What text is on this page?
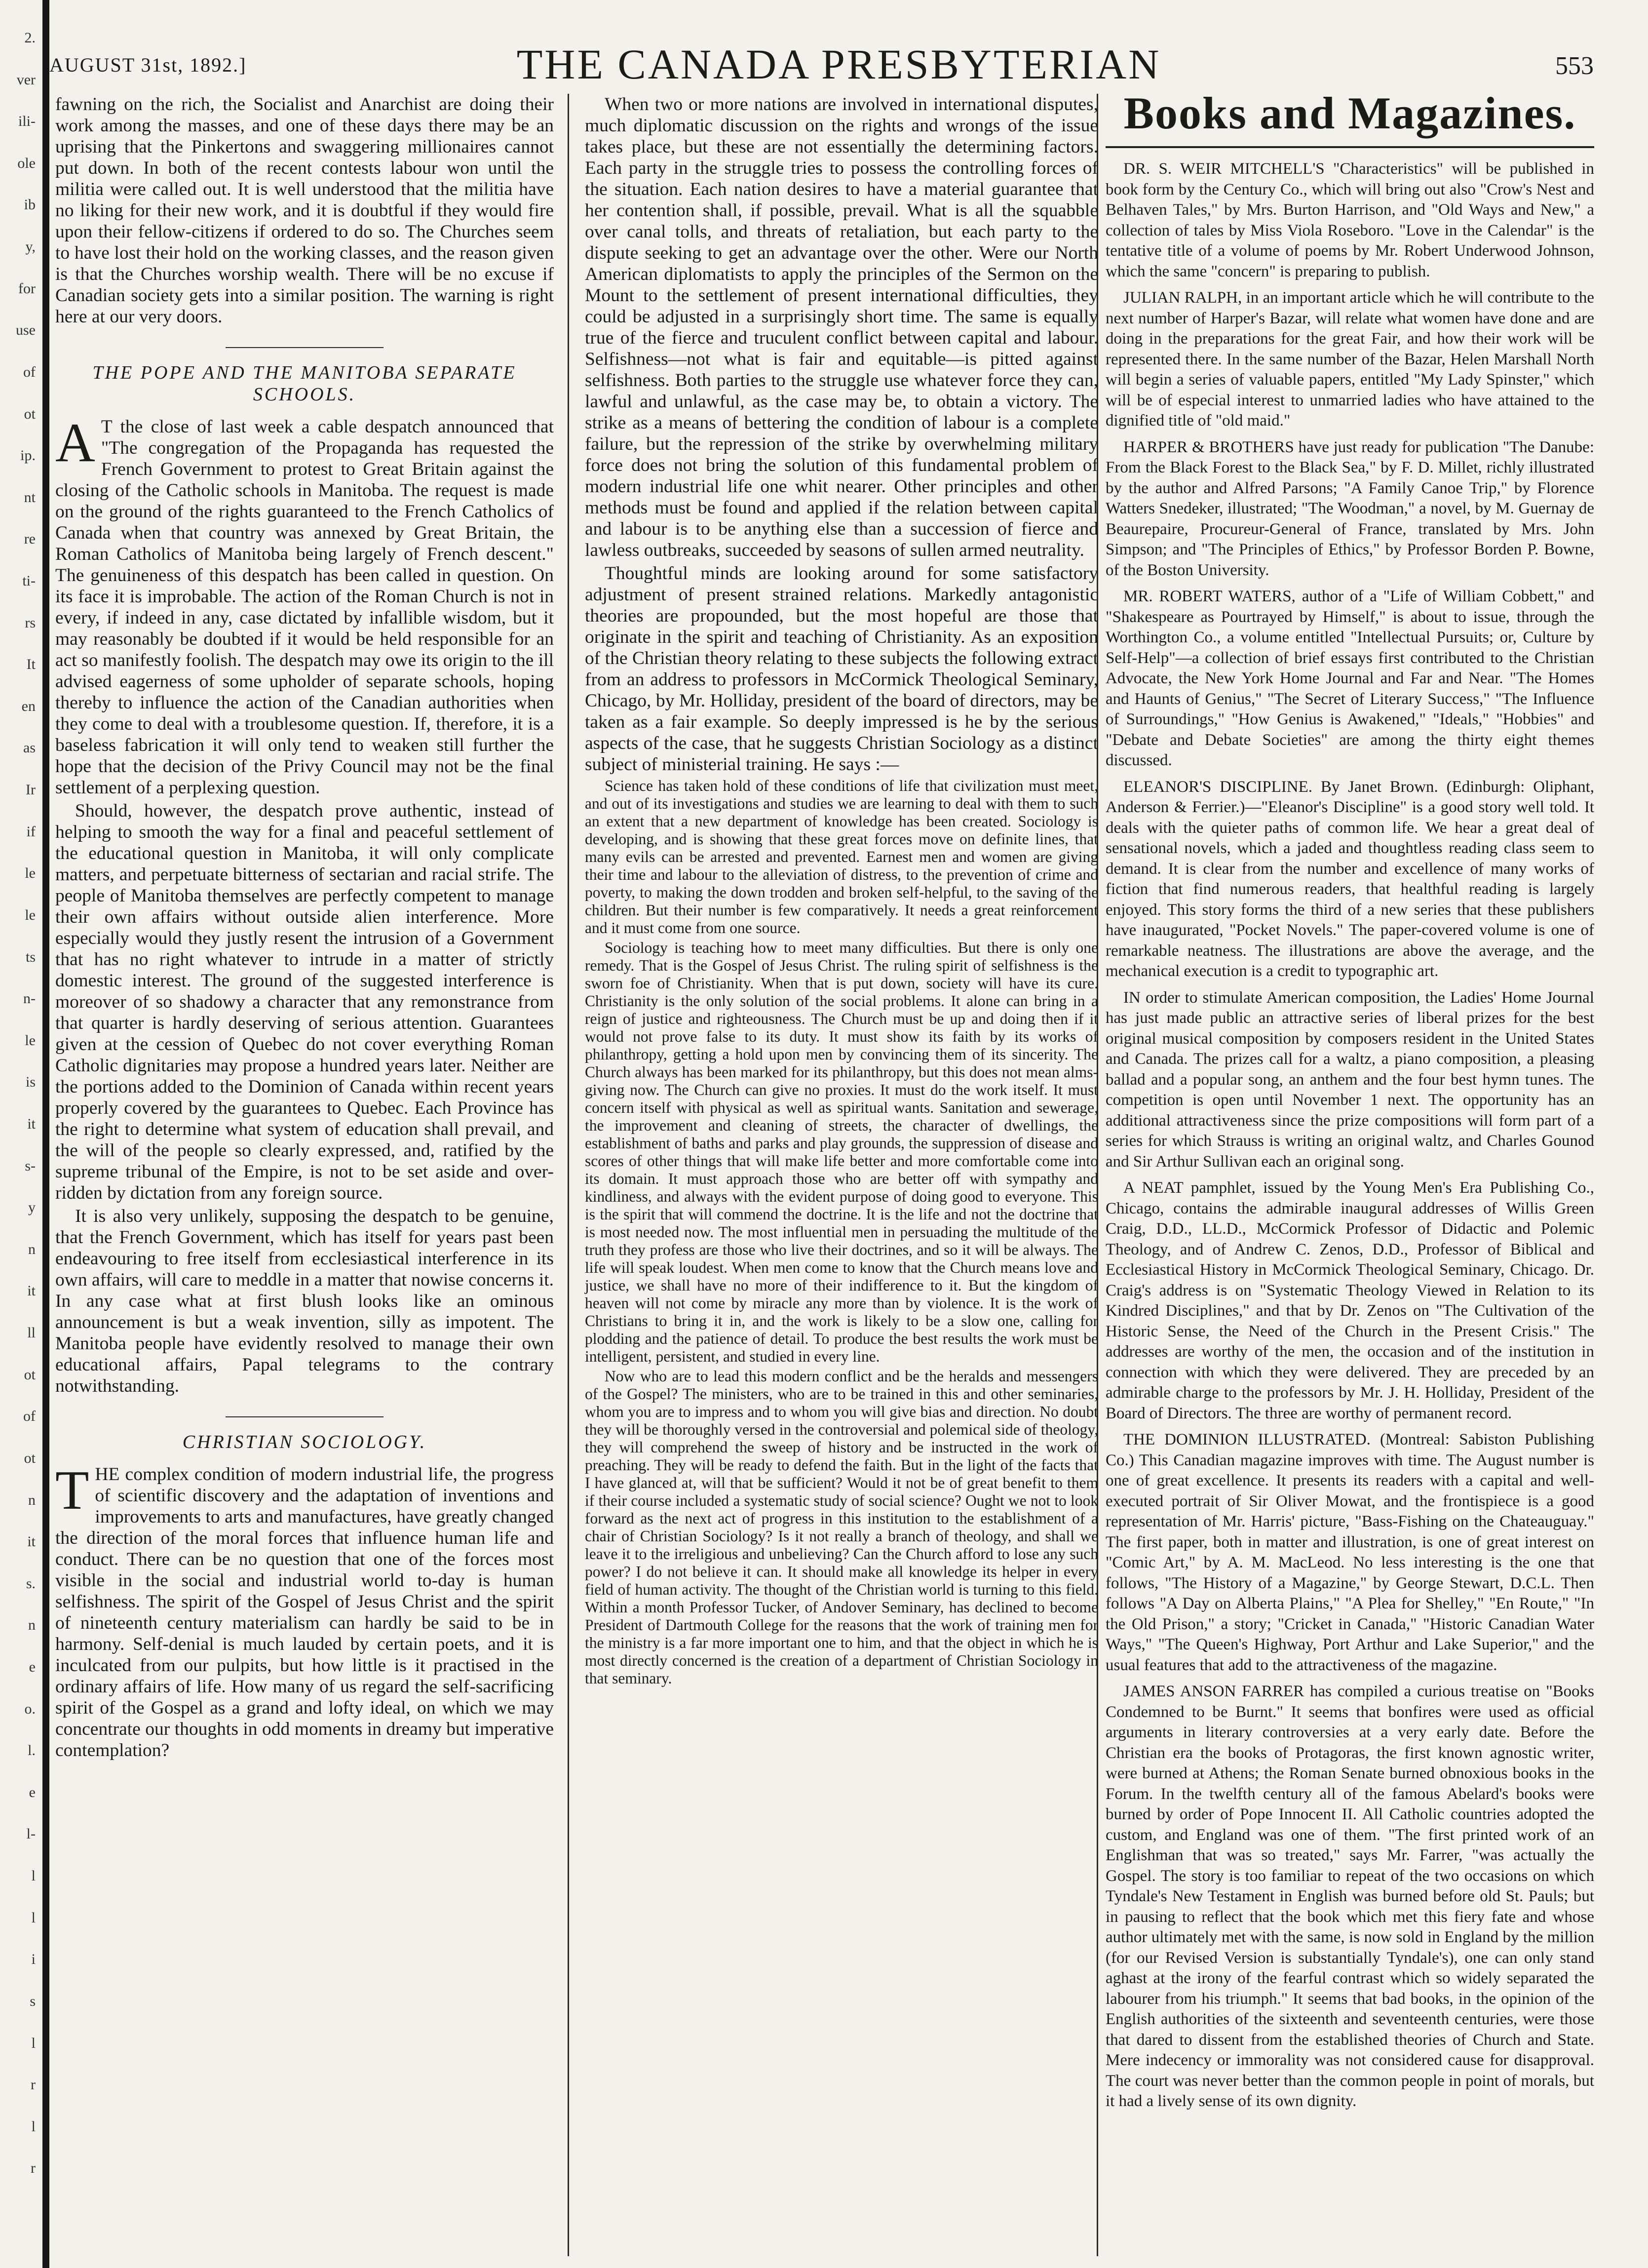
2.
ver
ili-
ole
ib
y,
for
use
of
ot
ip.
nt
re
ti-
rs
It
en
as
Ir
if
le
le
ts
n-
le
is
it
s-
y
n
it
ll
ot
of
ot
n
it
s.
n
e
o.
l.
e
l-
l
l
i
s
l
r
l
r
AUGUST 31st, 1892.]	THE CANADA PRESBYTERIAN	553

fawning on the rich, the Socialist and Anarchist are doing their work among the masses, and one of these days there may be an uprising that the Pinkertons and swaggering millionaires cannot put down. In both of the recent contests labour won until the militia were called out. It is well understood that the militia have no liking for their new work, and it is doubtful if they would fire upon their fellow-citizens if ordered to do so. The Churches seem to have lost their hold on the working classes, and the reason given is that the Churches worship wealth. There will be no excuse if Canadian society gets into a similar position. The warning is right here at our very doors.

THE POPE AND THE MANITOBA SEPARATE SCHOOLS.

A T the close of last week a cable despatch announced that "The congregation of the Propaganda has requested the French Government to protest to Great Britain against the closing of the Catholic schools in Manitoba. The request is made on the ground of the rights guaranteed to the French Catholics of Canada when that country was annexed by Great Britain, the Roman Catholics of Manitoba being largely of French descent." The genuineness of this despatch has been called in question. On its face it is improbable. The action of the Roman Church is not in every, if indeed in any, case dictated by infallible wisdom, but it may reasonably be doubted if it would be held responsible for an act so manifestly foolish. The despatch may owe its origin to the ill advised eagerness of some upholder of separate schools, hoping thereby to influence the action of the Canadian authorities when they come to deal with a troublesome question. If, therefore, it is a baseless fabrication it will only tend to weaken still further the hope that the decision of the Privy Council may not be the final settlement of a perplexing question.

Should, however, the despatch prove authentic, instead of helping to smooth the way for a final and peaceful settlement of the educational question in Manitoba, it will only complicate matters, and perpetuate bitterness of sectarian and racial strife. The people of Manitoba themselves are perfectly competent to manage their own affairs without outside alien interference. More especially would they justly resent the intrusion of a Government that has no right whatever to intrude in a matter of strictly domestic interest. The ground of the suggested interference is moreover of so shadowy a character that any remonstrance from that quarter is hardly deserving of serious attention. Guarantees given at the cession of Quebec do not cover everything Roman Catholic dignitaries may propose a hundred years later. Neither are the portions added to the Dominion of Canada within recent years properly covered by the guarantees to Quebec. Each Province has the right to determine what system of education shall prevail, and the will of the people so clearly expressed, and, ratified by the supreme tribunal of the Empire, is not to be set aside and over-ridden by dictation from any foreign source.

It is also very unlikely, supposing the despatch to be genuine, that the French Government, which has itself for years past been endeavouring to free itself from ecclesiastical interference in its own affairs, will care to meddle in a matter that nowise concerns it. In any case what at first blush looks like an ominous announcement is but a weak invention, silly as impotent. The Manitoba people have evidently resolved to manage their own educational affairs, Papal telegrams to the contrary notwithstanding.

CHRISTIAN SOCIOLOGY.

THE complex condition of modern industrial life, the progress of scientific discovery and the adaptation of inventions and improvements to arts and manufactures, have greatly changed the direction of the moral forces that influence human life and conduct. There can be no question that one of the forces most visible in the social and industrial world to-day is human selfishness. The spirit of the Gospel of Jesus Christ and the spirit of nineteenth century materialism can hardly be said to be in harmony. Self-denial is much lauded by certain poets, and it is inculcated from our pulpits, but how little is it practised in the ordinary affairs of life. How many of us regard the self-sacrificing spirit of the Gospel as a grand and lofty ideal, on which we may concentrate our thoughts in odd moments in dreamy but imperative contemplation?

When two or more nations are involved in international disputes, much diplomatic discussion on the rights and wrongs of the issue takes place, but these are not essentially the determining factors. Each party in the struggle tries to possess the controlling forces of the situation. Each nation desires to have a material guarantee that her contention shall, if possible, prevail. What is all the squabble over canal tolls, and threats of retaliation, but each party to the dispute seeking to get an advantage over the other. Were our North American diplomatists to apply the principles of the Sermon on the Mount to the settlement of present international difficulties, they could be adjusted in a surprisingly short time. The same is equally true of the fierce and truculent conflict between capital and labour. Selfishness—not what is fair and equitable—is pitted against selfishness. Both parties to the struggle use whatever force they can, lawful and unlawful, as the case may be, to obtain a victory. The strike as a means of bettering the condition of labour is a complete failure, but the repression of the strike by overwhelming military force does not bring the solution of this fundamental problem of modern industrial life one whit nearer. Other principles and other methods must be found and applied if the relation between capital and labour is to be anything else than a succession of fierce and lawless outbreaks, succeeded by seasons of sullen armed neutrality.

Thoughtful minds are looking around for some satisfactory adjustment of present strained relations. Markedly antagonistic theories are propounded, but the most hopeful are those that originate in the spirit and teaching of Christianity. As an exposition of the Christian theory relating to these subjects the following extract from an address to professors in McCormick Theological Seminary, Chicago, by Mr. Holliday, president of the board of directors, may be taken as a fair example. So deeply impressed is he by the serious aspects of the case, that he suggests Christian Sociology as a distinct subject of ministerial training. He says :—

Science has taken hold of these conditions of life that civilization must meet, and out of its investigations and studies we are learning to deal with them to such an extent that a new department of knowledge has been created. Sociology is developing, and is showing that these great forces move on definite lines, that many evils can be arrested and prevented. Earnest men and women are giving their time and labour to the alleviation of distress, to the prevention of crime and poverty, to making the down trodden and broken self-helpful, to the saving of the children. But their number is few comparatively. It needs a great reinforcement and it must come from one source.

Sociology is teaching how to meet many difficulties. But there is only one remedy. That is the Gospel of Jesus Christ. The ruling spirit of selfishness is the sworn foe of Christianity. When that is put down, society will have its cure. Christianity is the only solution of the social problems. It alone can bring in a reign of justice and righteousness. The Church must be up and doing then if it would not prove false to its duty. It must show its faith by its works of philanthropy, getting a hold upon men by convincing them of its sincerity. The Church always has been marked for its philanthropy, but this does not mean alms-giving now. The Church can give no proxies. It must do the work itself. It must concern itself with physical as well as spiritual wants. Sanitation and sewerage, the improvement and cleaning of streets, the character of dwellings, the establishment of baths and parks and play grounds, the suppression of disease and scores of other things that will make life better and more comfortable come into its domain. It must approach those who are better off with sympathy and kindliness, and always with the evident purpose of doing good to everyone. This is the spirit that will commend the doctrine. It is the life and not the doctrine that is most needed now. The most influential men in persuading the multitude of the truth they profess are those who live their doctrines, and so it will be always. The life will speak loudest. When men come to know that the Church means love and justice, we shall have no more of their indifference to it. But the kingdom of heaven will not come by miracle any more than by violence. It is the work of Christians to bring it in, and the work is likely to be a slow one, calling for plodding and the patience of detail. To produce the best results the work must be intelligent, persistent, and studied in every line.

Now who are to lead this modern conflict and be the heralds and messengers of the Gospel? The ministers, who are to be trained in this and other seminaries, whom you are to impress and to whom you will give bias and direction. No doubt they will be thoroughly versed in the controversial and polemical side of theology, they will comprehend the sweep of history and be instructed in the work of preaching. They will be ready to defend the faith. But in the light of the facts that I have glanced at, will that be sufficient? Would it not be of great benefit to them if their course included a systematic study of social science? Ought we not to look forward as the next act of progress in this institution to the establishment of a chair of Christian Sociology? Is it not really a branch of theology, and shall we leave it to the irreligious and unbelieving? Can the Church afford to lose any such power? I do not believe it can. It should make all knowledge its helper in every field of human activity. The thought of the Christian world is turning to this field. Within a month Professor Tucker, of Andover Seminary, has declined to become President of Dartmouth College for the reasons that the work of training men for the ministry is a far more important one to him, and that the object in which he is most directly concerned is the creation of a department of Christian Sociology in that seminary.

Books and Magazines.

DR. S. WEIR MITCHELL'S "Characteristics" will be published in book form by the Century Co., which will bring out also "Crow's Nest and Belhaven Tales," by Mrs. Burton Harrison, and "Old Ways and New," a collection of tales by Miss Viola Roseboro. "Love in the Calendar" is the tentative title of a volume of poems by Mr. Robert Underwood Johnson, which the same "concern" is preparing to publish.

JULIAN RALPH, in an important article which he will contribute to the next number of Harper's Bazar, will relate what women have done and are doing in the preparations for the great Fair, and how their work will be represented there. In the same number of the Bazar, Helen Marshall North will begin a series of valuable papers, entitled "My Lady Spinster," which will be of especial interest to unmarried ladies who have attained to the dignified title of "old maid."

HARPER & BROTHERS have just ready for publication "The Danube: From the Black Forest to the Black Sea," by F. D. Millet, richly illustrated by the author and Alfred Parsons; "A Family Canoe Trip," by Florence Watters Snedeker, illustrated; "The Woodman," a novel, by M. Guernay de Beaurepaire, Procureur-General of France, translated by Mrs. John Simpson; and "The Principles of Ethics," by Professor Borden P. Bowne, of the Boston University.

MR. ROBERT WATERS, author of a "Life of William Cobbett," and "Shakespeare as Pourtrayed by Himself," is about to issue, through the Worthington Co., a volume entitled "Intellectual Pursuits; or, Culture by Self-Help"—a collection of brief essays first contributed to the Christian Advocate, the New York Home Journal and Far and Near. "The Homes and Haunts of Genius," "The Secret of Literary Success," "The Influence of Surroundings," "How Genius is Awakened," "Ideals," "Hobbies" and "Debate and Debate Societies" are among the thirty eight themes discussed.

ELEANOR'S DISCIPLINE. By Janet Brown. (Edinburgh: Oliphant, Anderson & Ferrier.)—"Eleanor's Discipline" is a good story well told. It deals with the quieter paths of common life. We hear a great deal of sensational novels, which a jaded and thoughtless reading class seem to demand. It is clear from the number and excellence of many works of fiction that find numerous readers, that healthful reading is largely enjoyed. This story forms the third of a new series that these publishers have inaugurated, "Pocket Novels." The paper-covered volume is one of remarkable neatness. The illustrations are above the average, and the mechanical execution is a credit to typographic art.

IN order to stimulate American composition, the Ladies' Home Journal has just made public an attractive series of liberal prizes for the best original musical composition by composers resident in the United States and Canada. The prizes call for a waltz, a piano composition, a pleasing ballad and a popular song, an anthem and the four best hymn tunes. The competition is open until November 1 next. The opportunity has an additional attractiveness since the prize compositions will form part of a series for which Strauss is writing an original waltz, and Charles Gounod and Sir Arthur Sullivan each an original song.

A NEAT pamphlet, issued by the Young Men's Era Publishing Co., Chicago, contains the admirable inaugural addresses of Willis Green Craig, D.D., LL.D., McCormick Professor of Didactic and Polemic Theology, and of Andrew C. Zenos, D.D., Professor of Biblical and Ecclesiastical History in McCormick Theological Seminary, Chicago. Dr. Craig's address is on "Systematic Theology Viewed in Relation to its Kindred Disciplines," and that by Dr. Zenos on "The Cultivation of the Historic Sense, the Need of the Church in the Present Crisis." The addresses are worthy of the men, the occasion and of the institution in connection with which they were delivered. They are preceded by an admirable charge to the professors by Mr. J. H. Holliday, President of the Board of Directors. The three are worthy of permanent record.

THE DOMINION ILLUSTRATED. (Montreal: Sabiston Publishing Co.) This Canadian magazine improves with time. The August number is one of great excellence. It presents its readers with a capital and well-executed portrait of Sir Oliver Mowat, and the frontispiece is a good representation of Mr. Harris' picture, "Bass-Fishing on the Chateauguay." The first paper, both in matter and illustration, is one of great interest on "Comic Art," by A. M. MacLeod. No less interesting is the one that follows, "The History of a Magazine," by George Stewart, D.C.L. Then follows "A Day on Alberta Plains," "A Plea for Shelley," "En Route," "In the Old Prison," a story; "Cricket in Canada," "Historic Canadian Water Ways," "The Queen's Highway, Port Arthur and Lake Superior," and the usual features that add to the attractiveness of the magazine.

JAMES ANSON FARRER has compiled a curious treatise on "Books Condemned to be Burnt." It seems that bonfires were used as official arguments in literary controversies at a very early date. Before the Christian era the books of Protagoras, the first known agnostic writer, were burned at Athens; the Roman Senate burned obnoxious books in the Forum. In the twelfth century all of the famous Abelard's books were burned by order of Pope Innocent II. All Catholic countries adopted the custom, and England was one of them. "The first printed work of an Englishman that was so treated," says Mr. Farrer, "was actually the Gospel. The story is too familiar to repeat of the two occasions on which Tyndale's New Testament in English was burned before old St. Pauls; but in pausing to reflect that the book which met this fiery fate and whose author ultimately met with the same, is now sold in England by the million (for our Revised Version is substantially Tyndale's), one can only stand aghast at the irony of the fearful contrast which so widely separated the labourer from his triumph." It seems that bad books, in the opinion of the English authorities of the sixteenth and seventeenth centuries, were those that dared to dissent from the established theories of Church and State. Mere indecency or immorality was not considered cause for disapproval. The court was never better than the common people in point of morals, but it had a lively sense of its own dignity.
